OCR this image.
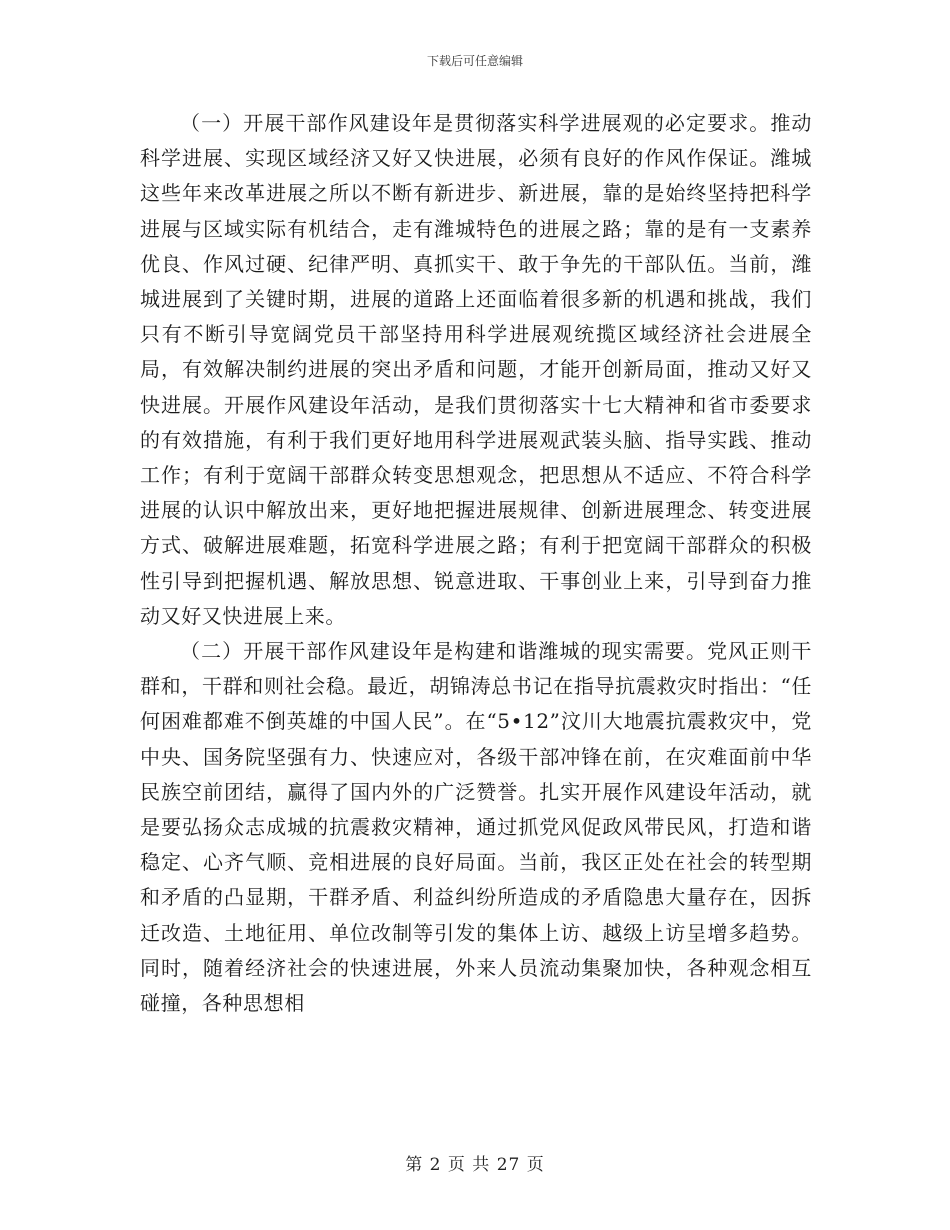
下载后可任意编辑

（一）开展干部作风建设年是贯彻落实科学进展观的必定要求。推动科学进展、实现区域经济又好又快进展，必须有良好的作风作保证。潍城这些年来改革进展之所以不断有新进步、新进展，靠的是始终坚持把科学进展与区域实际有机结合，走有潍城特色的进展之路；靠的是有一支素养优良、作风过硬、纪律严明、真抓实干、敢于争先的干部队伍。当前，潍城进展到了关键时期，进展的道路上还面临着很多新的机遇和挑战，我们只有不断引导宽阔党员干部坚持用科学进展观统揽区域经济社会进展全局，有效解决制约进展的突出矛盾和问题，才能开创新局面，推动又好又快进展。开展作风建设年活动，是我们贯彻落实十七大精神和省市委要求的有效措施，有利于我们更好地用科学进展观武装头脑、指导实践、推动工作；有利于宽阔干部群众转变思想观念，把思想从不适应、不符合科学进展的认识中解放出来，更好地把握进展规律、创新进展理念、转变进展方式、破解进展难题，拓宽科学进展之路；有利于把宽阔干部群众的积极性引导到把握机遇、解放思想、锐意进取、干事创业上来，引导到奋力推动又好又快进展上来。

（二）开展干部作风建设年是构建和谐潍城的现实需要。党风正则干群和，干群和则社会稳。最近，胡锦涛总书记在指导抗震救灾时指出：“任何困难都难不倒英雄的中国人民”。在“5•12”汶川大地震抗震救灾中，党中央、国务院坚强有力、快速应对，各级干部冲锋在前，在灾难面前中华民族空前团结，赢得了国内外的广泛赞誉。扎实开展作风建设年活动，就是要弘扬众志成城的抗震救灾精神，通过抓党风促政风带民风，打造和谐稳定、心齐气顺、竞相进展的良好局面。当前，我区正处在社会的转型期和矛盾的凸显期，干群矛盾、利益纠纷所造成的矛盾隐患大量存在，因拆迁改造、土地征用、单位改制等引发的集体上访、越级上访呈增多趋势。同时，随着经济社会的快速进展，外来人员流动集聚加快，各种观念相互碰撞，各种思想相

第 2 页 共 27 页
